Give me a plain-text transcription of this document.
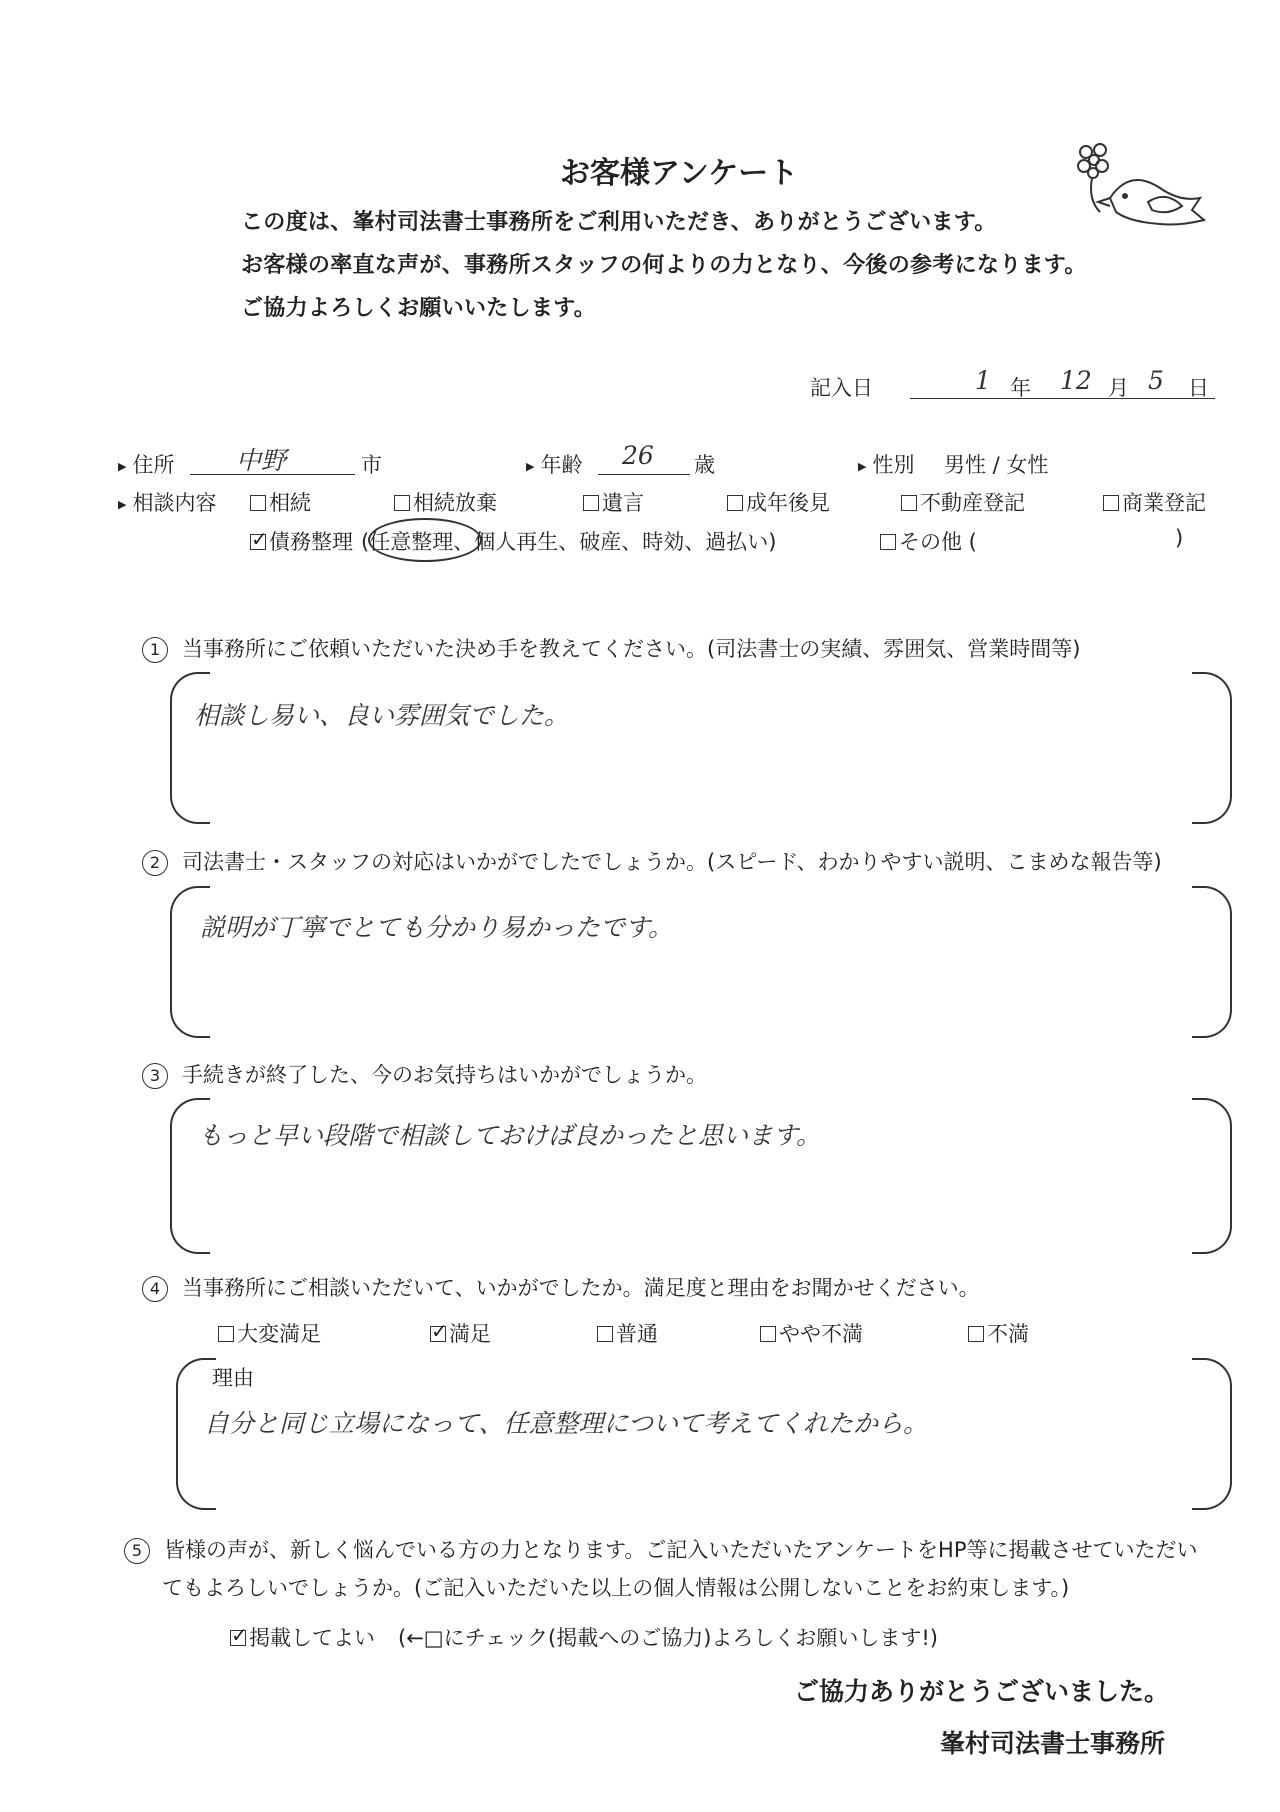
お客様アンケート
この度は、峯村司法書士事務所をご利用いただき、ありがとうございます。
お客様の率直な声が、事務所スタッフの何よりの力となり、今後の参考になります。
ご協力よろしくお願いいたします。
記入日	1 年 12 月 5 日
▶ 住所 中野	市	▶ 年齢 26 歳	▶ 性別 男性 / 女性
▶ 相談内容	相続	相続放棄	遺言	成年後見	不動産登記	商業登記
✓債務整理 (任意整理、個人再生、破産、時効、過払い)	その他 (	)
1 当事務所にご依頼いただいた決め手を教えてください。(司法書士の実績、雰囲気、営業時間等)
相談し易い、良い雰囲気でした。
2 司法書士・スタッフの対応はいかがでしたでしょうか。(スピード、わかりやすい説明、こまめな報告等)
説明が丁寧でとても分かり易かったです。
3 手続きが終了した、今のお気持ちはいかがでしょうか。
もっと早い段階で相談しておけば良かったと思います。
4 当事務所にご相談いただいて、いかがでしたか。満足度と理由をお聞かせください。
大変満足
✓	満足	普通	やや不満	不満
理由
自分と同じ立場になって、任意整理について考えてくれたから。
5 皆様の声が、新しく悩んでいる方の力となります。ご記入いただいたアンケートをHP等に掲載させていただい
てもよろしいでしょうか。(ご記入いただいた以上の個人情報は公開しないことをお約束します。)
✓掲載してよい (←□にチェック(掲載へのご協力)よろしくお願いします!)
ご協力ありがとうございました。
峯村司法書士事務所
